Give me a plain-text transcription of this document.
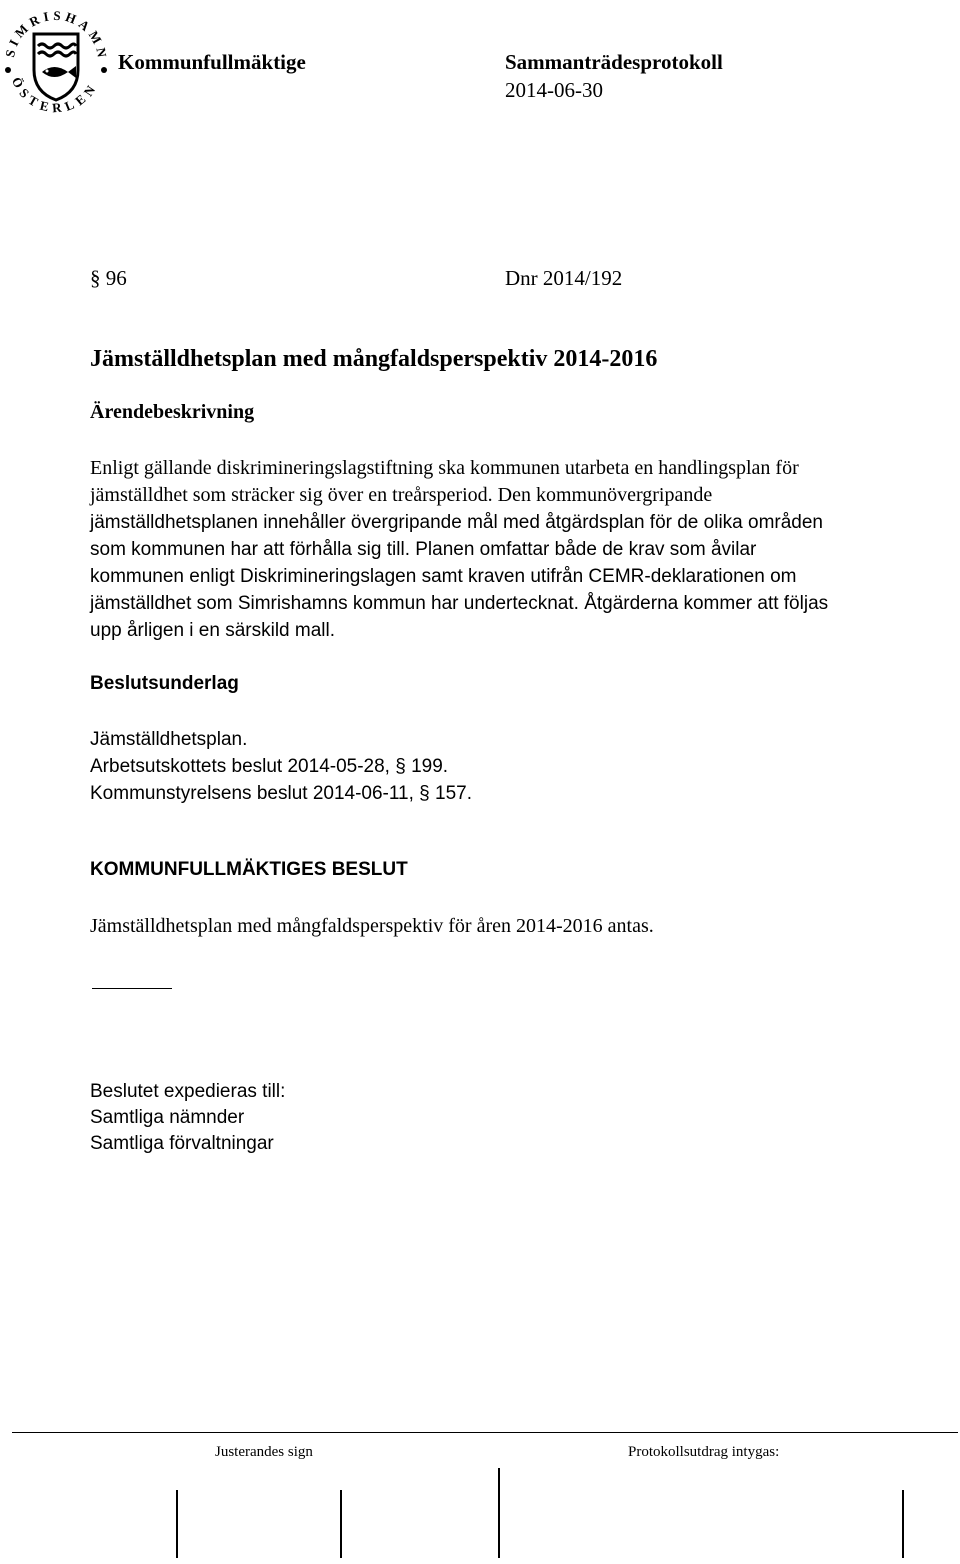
SIMRISHAMN
ÖSTERLEN
Kommunfullmäktige	Sammanträdesprotokoll
2014-06-30
§ 96	Dnr 2014/192
Jämställdhetsplan med mångfaldsperspektiv 2014-2016
Ärendebeskrivning
Enligt gällande diskrimineringslagstiftning ska kommunen utarbeta en handlingsplan för
jämställdhet som sträcker sig över en treårsperiod. Den kommunövergripande
jämställdhetsplanen innehåller övergripande mål med åtgärdsplan för de olika områden
som kommunen har att förhålla sig till. Planen omfattar både de krav som åvilar
kommunen enligt Diskrimineringslagen samt kraven utifrån CEMR-deklarationen om
jämställdhet som Simrishamns kommun har undertecknat. Åtgärderna kommer att följas
upp årligen i en särskild mall.
Beslutsunderlag
Jämställdhetsplan.
Arbetsutskottets beslut 2014-05-28, § 199.
Kommunstyrelsens beslut 2014-06-11, § 157.
KOMMUNFULLMÄKTIGES BESLUT
Jämställdhetsplan med mångfaldsperspektiv för åren 2014-2016 antas.
Beslutet expedieras till:
Samtliga nämnder
Samtliga förvaltningar
Justerandes sign	Protokollsutdrag intygas:
